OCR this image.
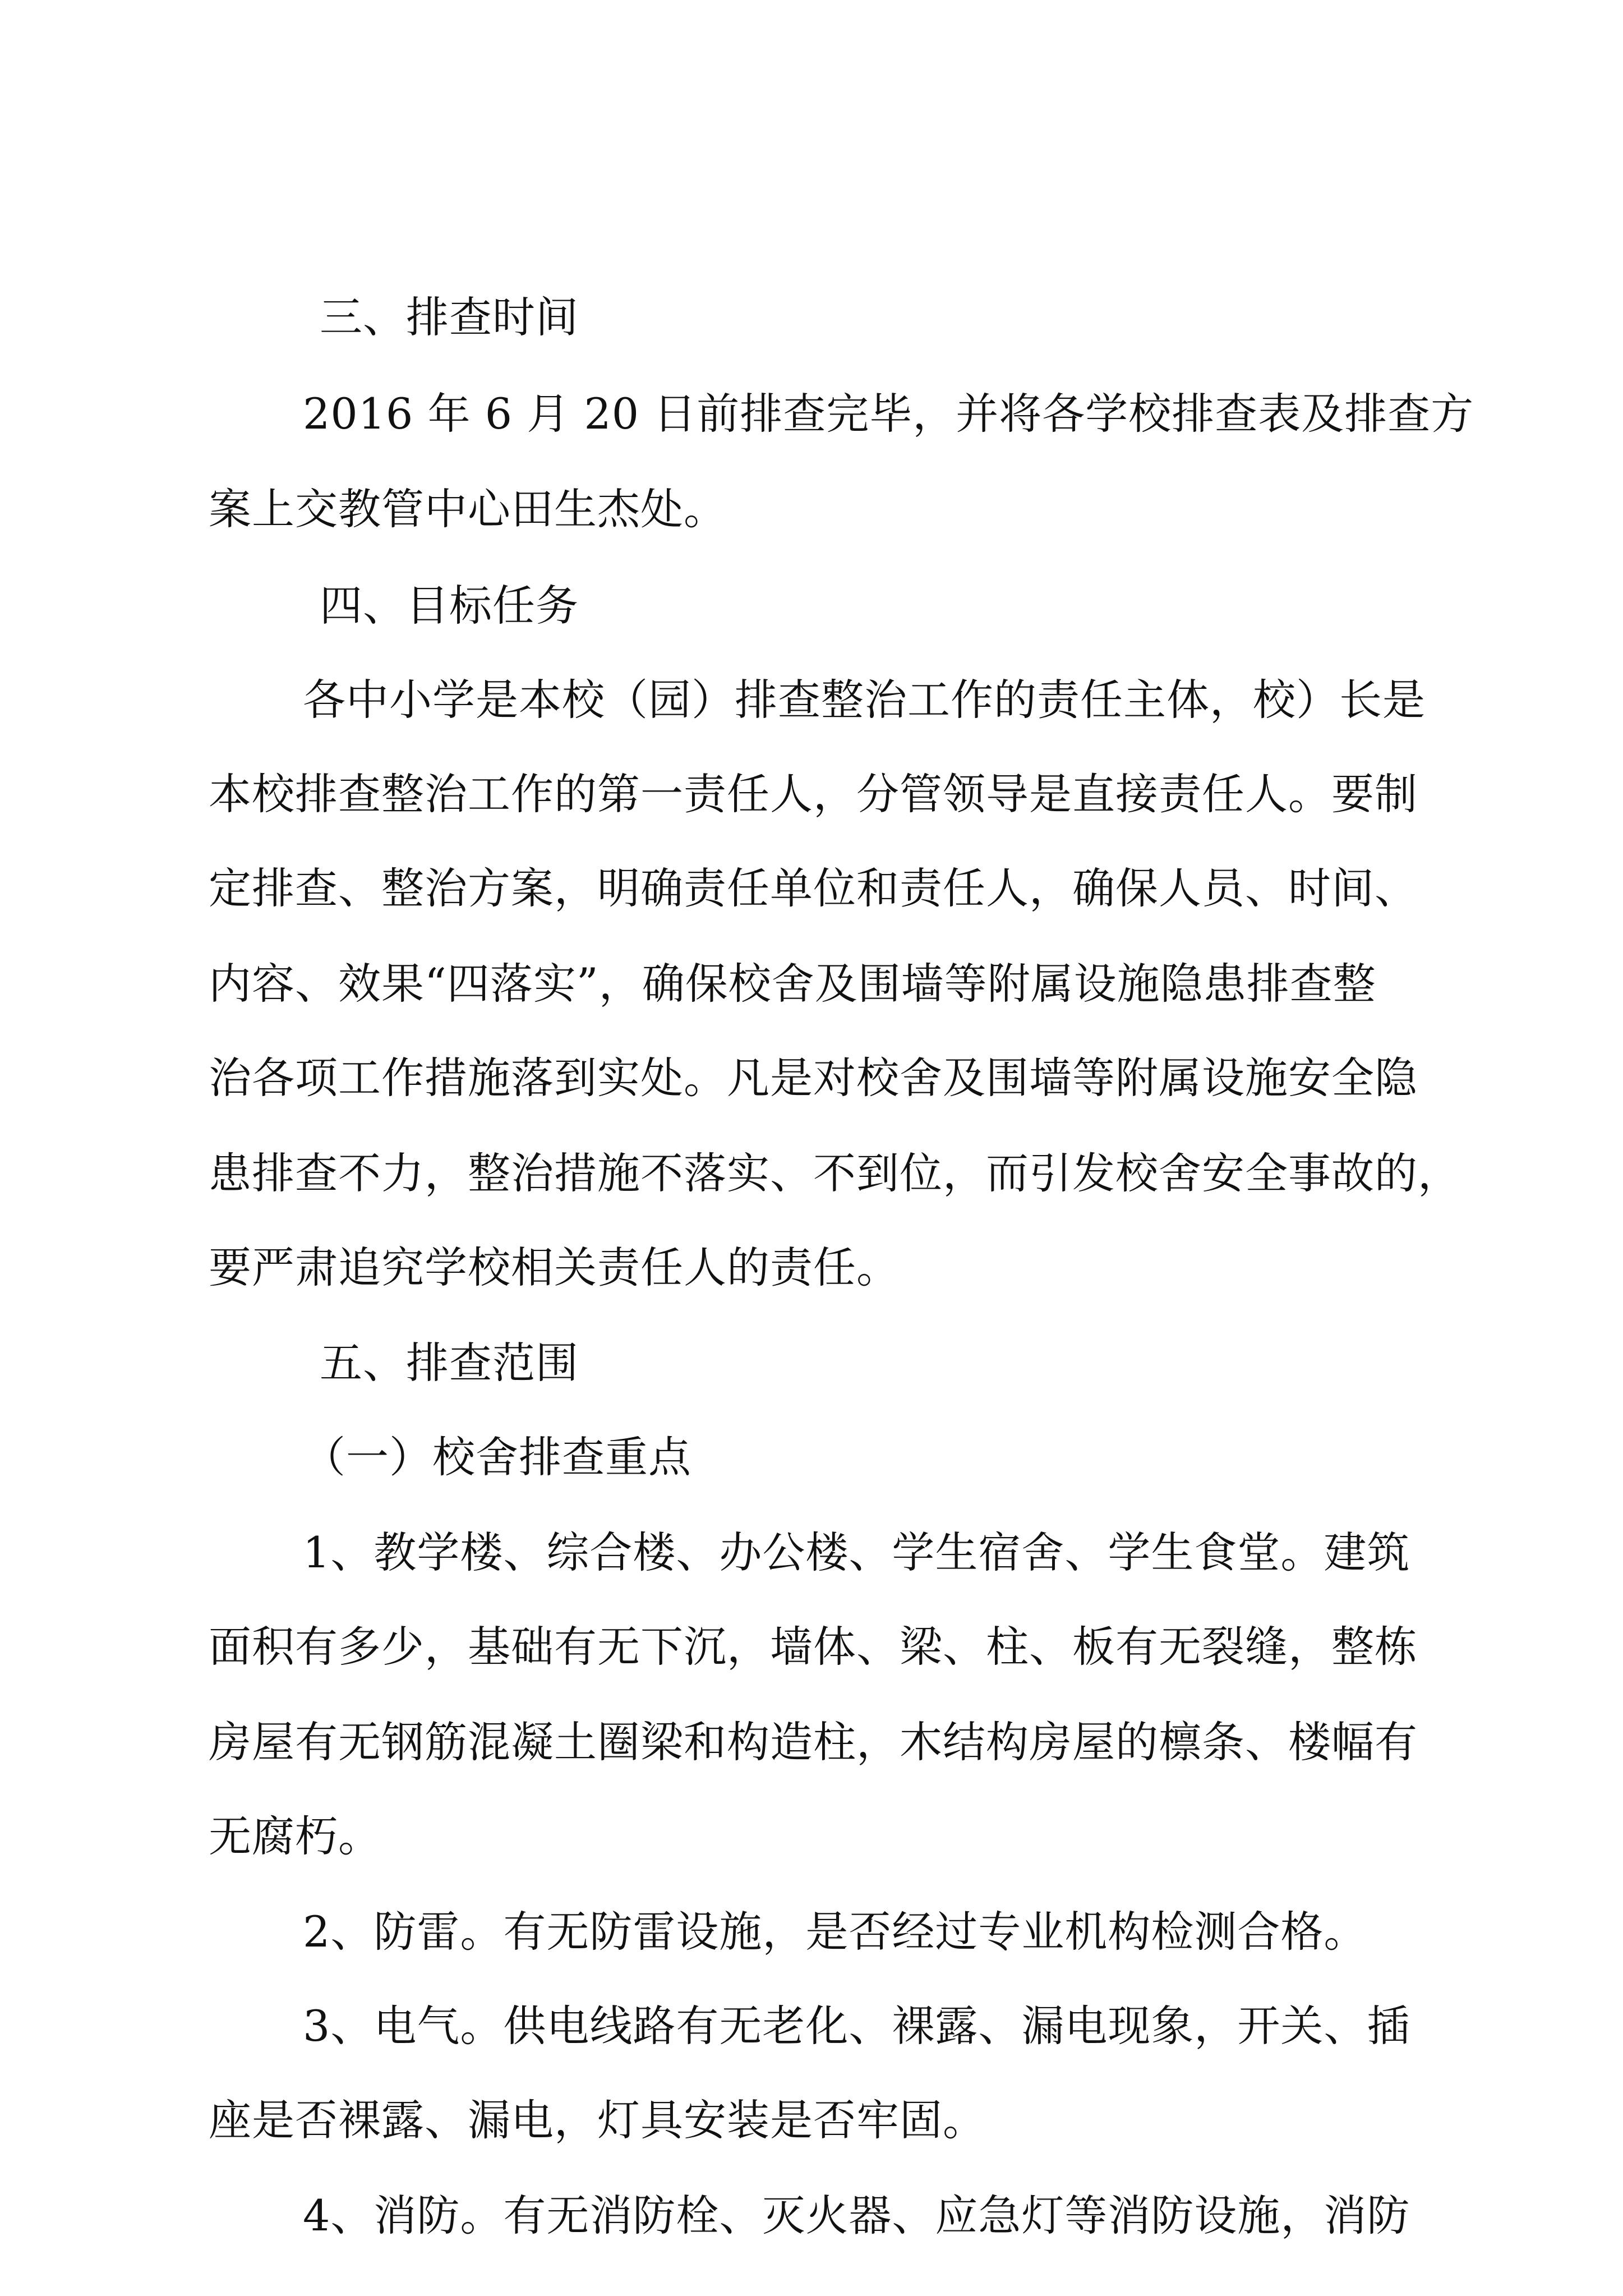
三、排查时间
2016 年 6 月 20 日前排查完毕，并将各学校排查表及排查方
案上交教管中心田生杰处。
四、目标任务
各中小学是本校（园）排查整治工作的责任主体，校）长是
本校排查整治工作的第一责任人，分管领导是直接责任人。要制
定排查、整治方案，明确责任单位和责任人，确保人员、时间、
内容、效果“四落实”，确保校舍及围墙等附属设施隐患排查整
治各项工作措施落到实处。凡是对校舍及围墙等附属设施安全隐
患排查不力，整治措施不落实、不到位，而引发校舍安全事故的，
要严肃追究学校相关责任人的责任。
五、排查范围
（一）校舍排查重点
1、教学楼、综合楼、办公楼、学生宿舍、学生食堂。建筑
面积有多少，基础有无下沉，墙体、梁、柱、板有无裂缝，整栋
房屋有无钢筋混凝土圈梁和构造柱，木结构房屋的檩条、楼幅有
无腐朽。
2、防雷。有无防雷设施，是否经过专业机构检测合格。
3、电气。供电线路有无老化、裸露、漏电现象，开关、插
座是否裸露、漏电，灯具安装是否牢固。
4、消防。有无消防栓、灭火器、应急灯等消防设施，消防
